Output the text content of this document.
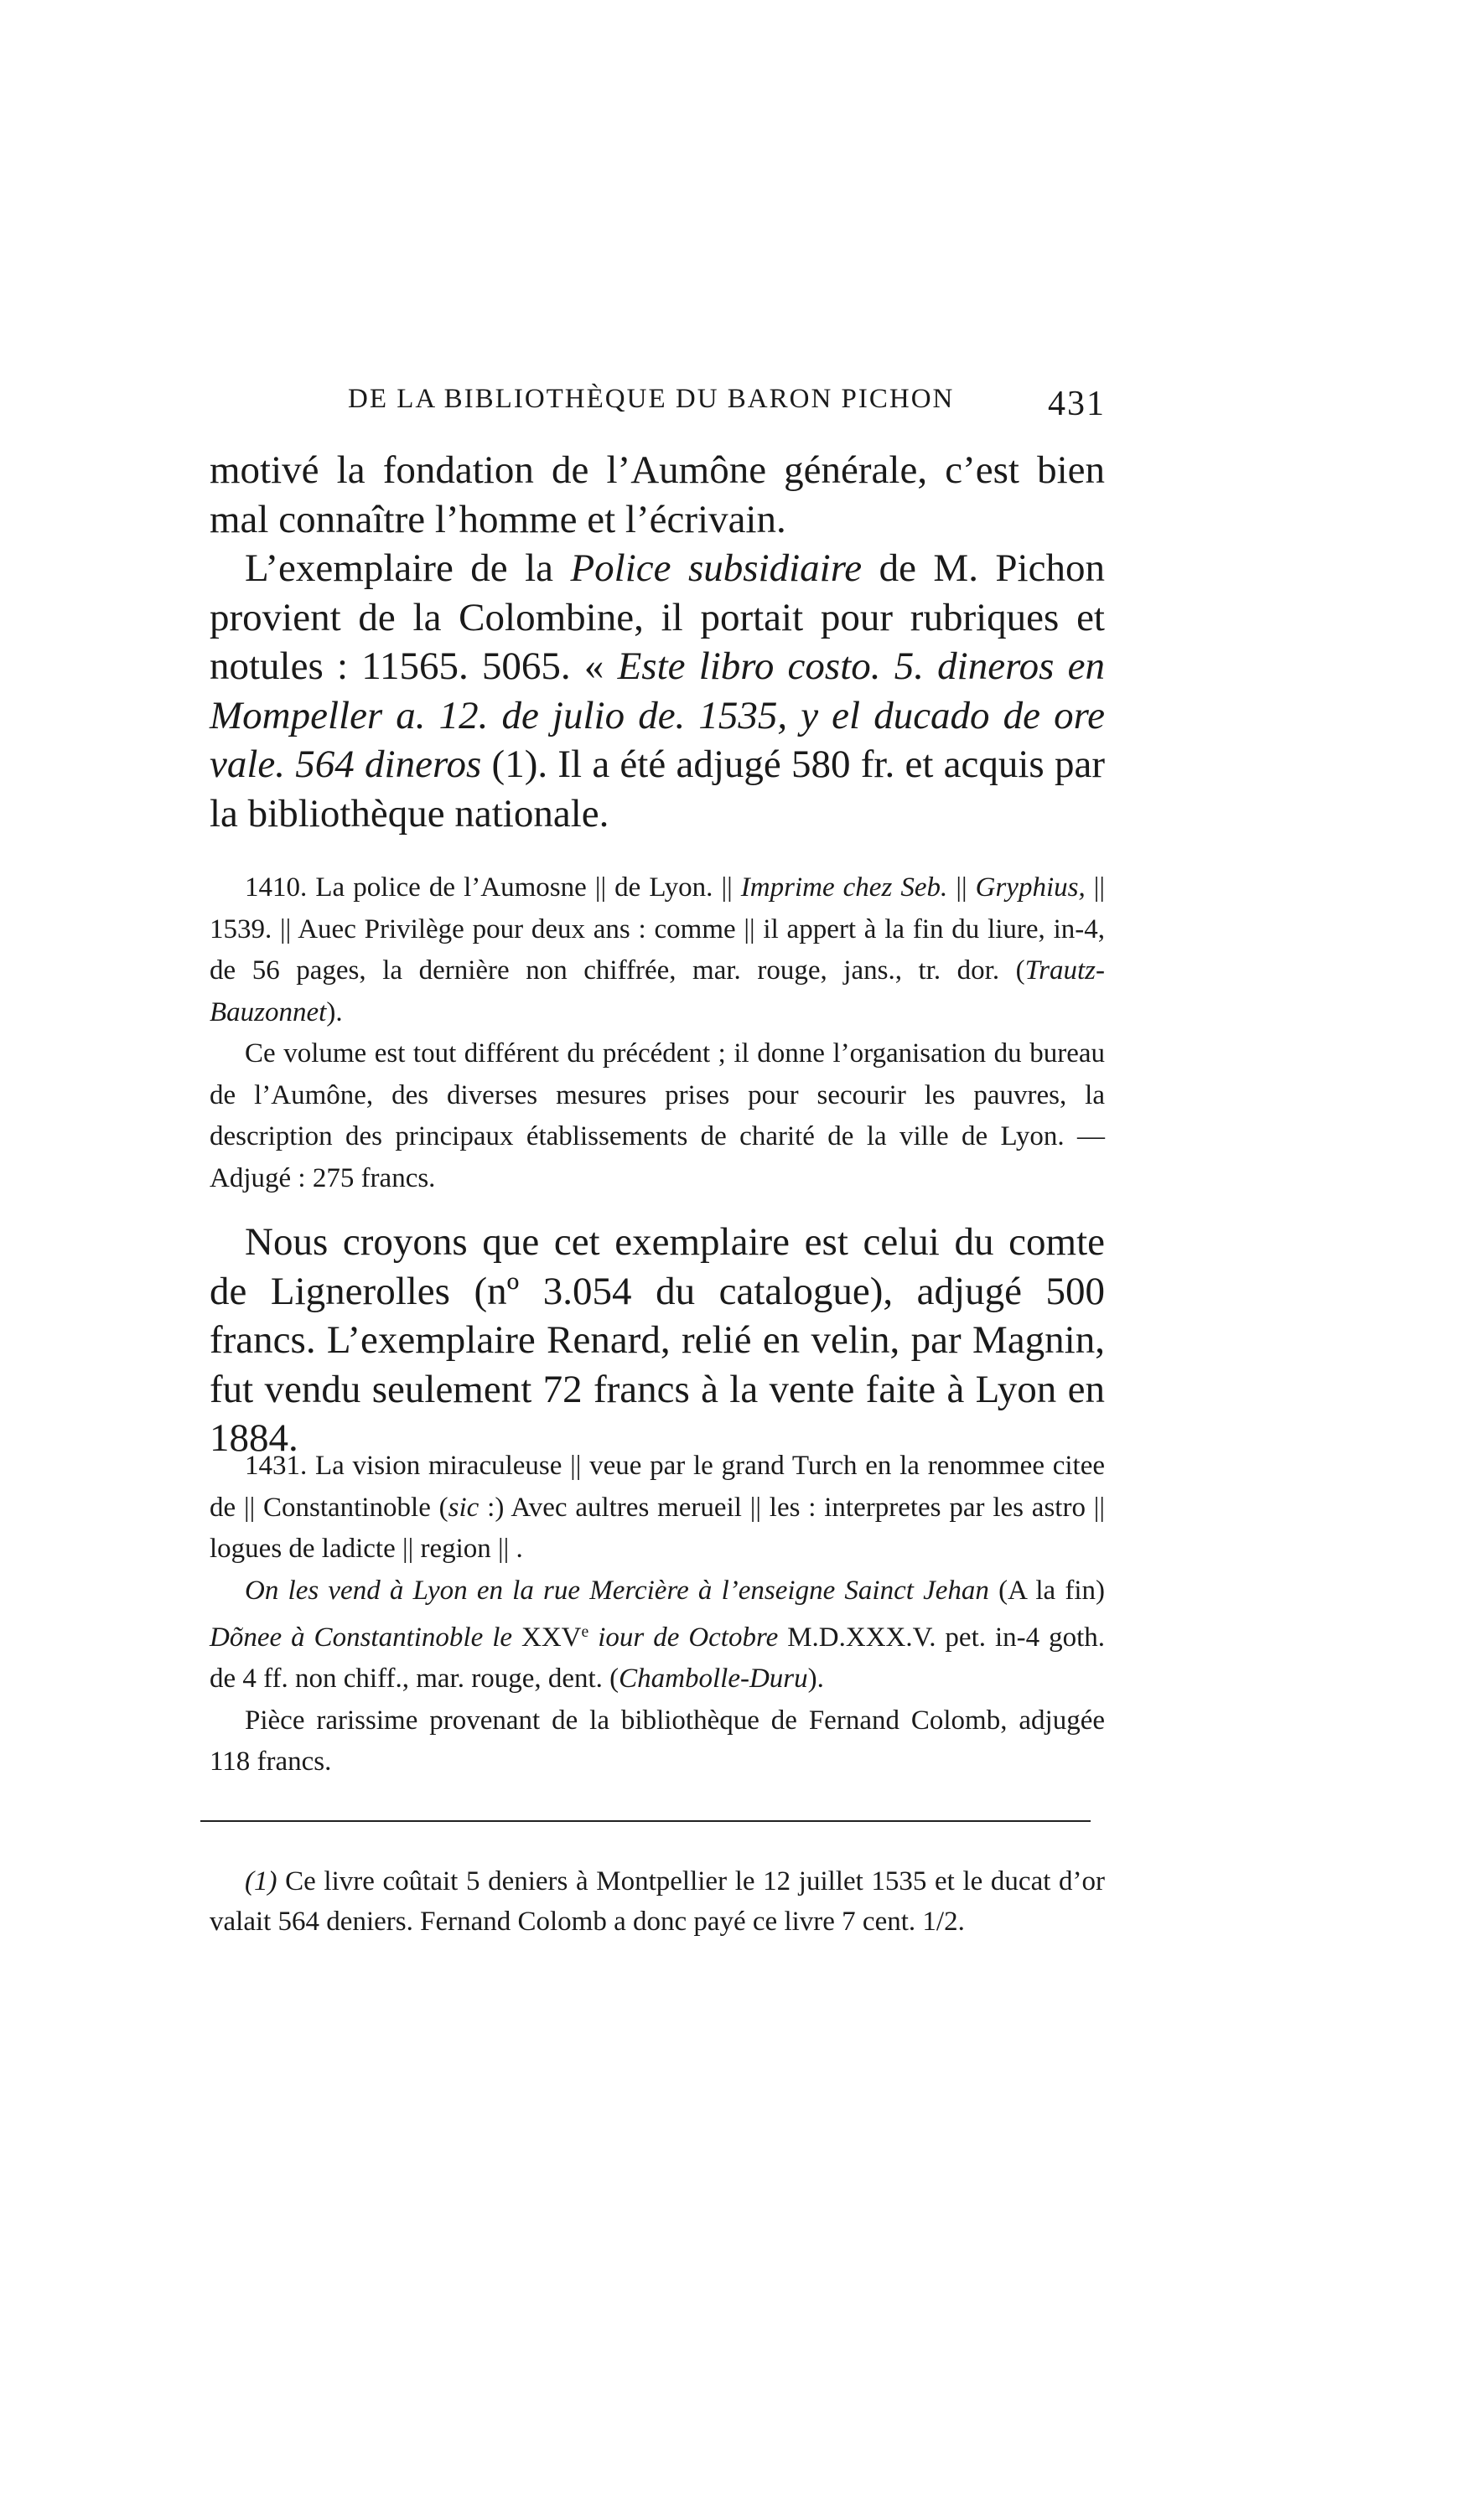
DE LA BIBLIOTHÈQUE DU BARON PICHON	431

motivé la fondation de l’Aumône générale, c’est bien mal connaître l’homme et l’écrivain.

L’exemplaire de la Police subsidiaire de M. Pichon provient de la Colombine, il portait pour rubriques et notules : 11565. 5065. « Este libro costo. 5. dineros en Mompeller a. 12. de julio de. 1535, y el ducado de ore vale. 564 dineros (1). Il a été adjugé 580 fr. et acquis par la bibliothèque nationale.

1410. La police de l’Aumosne || de Lyon. || Imprime chez Seb. || Gryphius, || 1539. || Auec Privilège pour deux ans : comme || il appert à la fin du liure, in-4, de 56 pages, la dernière non chiffrée, mar. rouge, jans., tr. dor. (Trautz-Bauzonnet).

Ce volume est tout différent du précédent ; il donne l’organisation du bureau de l’Aumône, des diverses mesures prises pour secourir les pauvres, la description des principaux établissements de charité de la ville de Lyon. — Adjugé : 275 francs.

Nous croyons que cet exemplaire est celui du comte de Lignerolles (nº 3.054 du catalogue), adjugé 500 francs. L’exemplaire Renard, relié en velin, par Magnin, fut vendu seulement 72 francs à la vente faite à Lyon en 1884.

1431. La vision miraculeuse || veue par le grand Turch en la renommee citee de || Constantinoble (sic :) Avec aultres merueil || les : interpretes par les astro || logues de ladicte || region || .

On les vend à Lyon en la rue Mercière à l’enseigne Sainct Jehan (A la fin) Dõnee à Constantinoble le XXVe iour de Octobre M.D.XXX.V. pet. in-4 goth. de 4 ff. non chiff., mar. rouge, dent. (Chambolle-Duru).

Pièce rarissime provenant de la bibliothèque de Fernand Colomb, adjugée 118 francs.

(1) Ce livre coûtait 5 deniers à Montpellier le 12 juillet 1535 et le ducat d’or valait 564 deniers. Fernand Colomb a donc payé ce livre 7 cent. 1/2.
